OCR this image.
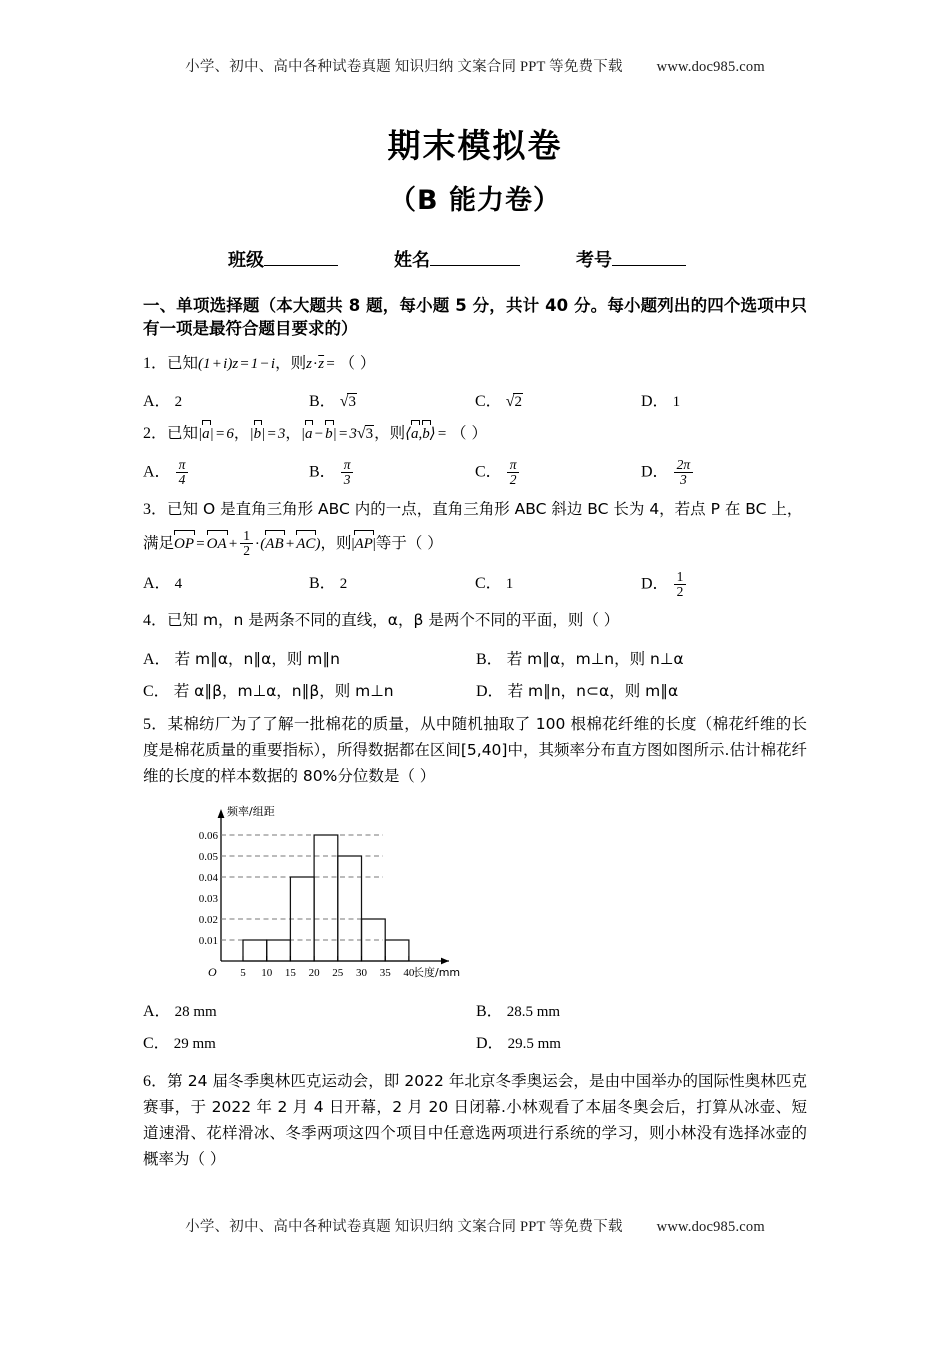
小学、初中、高中各种试卷真题 知识归纳 文案合同 PPT 等免费下载 www.doc985.com
期末模拟卷
（B 能力卷）
班级	姓名	考号
一、单项选择题（本大题共 8 题，每小题 5 分，共计 40 分。每小题列出的四个选项中只有一项是最符合题目要求的）
1．已知(1 + i)z = 1 − i，则z · $\overline{z}$ = （ ）
A． 2	B． √3	C． √2	D． 1
2．已知|a| = 6，|b| = 3，|a − b| = 3√3，则⟨a,b⟩ = （ ）
A． $\frac{\pi}{4}$	B． $\frac{\pi}{3}$	C． $\frac{\pi}{2}$	D． $\frac{2\pi}{3}$
3．已知 O 是直角三角形 ABC 内的一点，直角三角形 ABC 斜边 BC 长为 4，若点 P 在 BC 上，
满足OP = OA +  $\frac{1}{2}$  · (AB + AC)，则|AP|等于（ ）
A． 4	B． 2	C． 1	D． $\frac{1}{2}$
4．已知 m，n 是两条不同的直线，α，β 是两个不同的平面，则（ ）
A． 若 m∥α，n∥α，则 m∥n	B． 若 m∥α，m⊥n，则 n⊥α
C． 若 α∥β，m⊥α，n∥β，则 m⊥n	D． 若 m∥n，n⊂α，则 m∥α
5．某棉纺厂为了了解一批棉花的质量，从中随机抽取了 100 根棉花纤维的长度（棉花纤维的长度是棉花质量的重要指标），所得数据都在区间[5,40]中，其频率分布直方图如图所示.估计棉花纤维的长度的样本数据的 80%分位数是（ ）
频率/组距
长度/mm
O
0.01
0.02
0.03
0.04
0.05
0.06
5 10 15 20 25 30 35 40
A． 28 mm	B． 28.5 mm
C． 29 mm	D． 29.5 mm
6．第 24 届冬季奥林匹克运动会，即 2022 年北京冬季奥运会，是由中国举办的国际性奥林匹克赛事，于 2022 年 2 月 4 日开幕，2 月 20 日闭幕.小林观看了本届冬奥会后，打算从冰壶、短道速滑、花样滑冰、冬季两项这四个项目中任意选两项进行系统的学习，则小林没有选择冰壶的概率为（ ）
小学、初中、高中各种试卷真题 知识归纳 文案合同 PPT 等免费下载 www.doc985.com
